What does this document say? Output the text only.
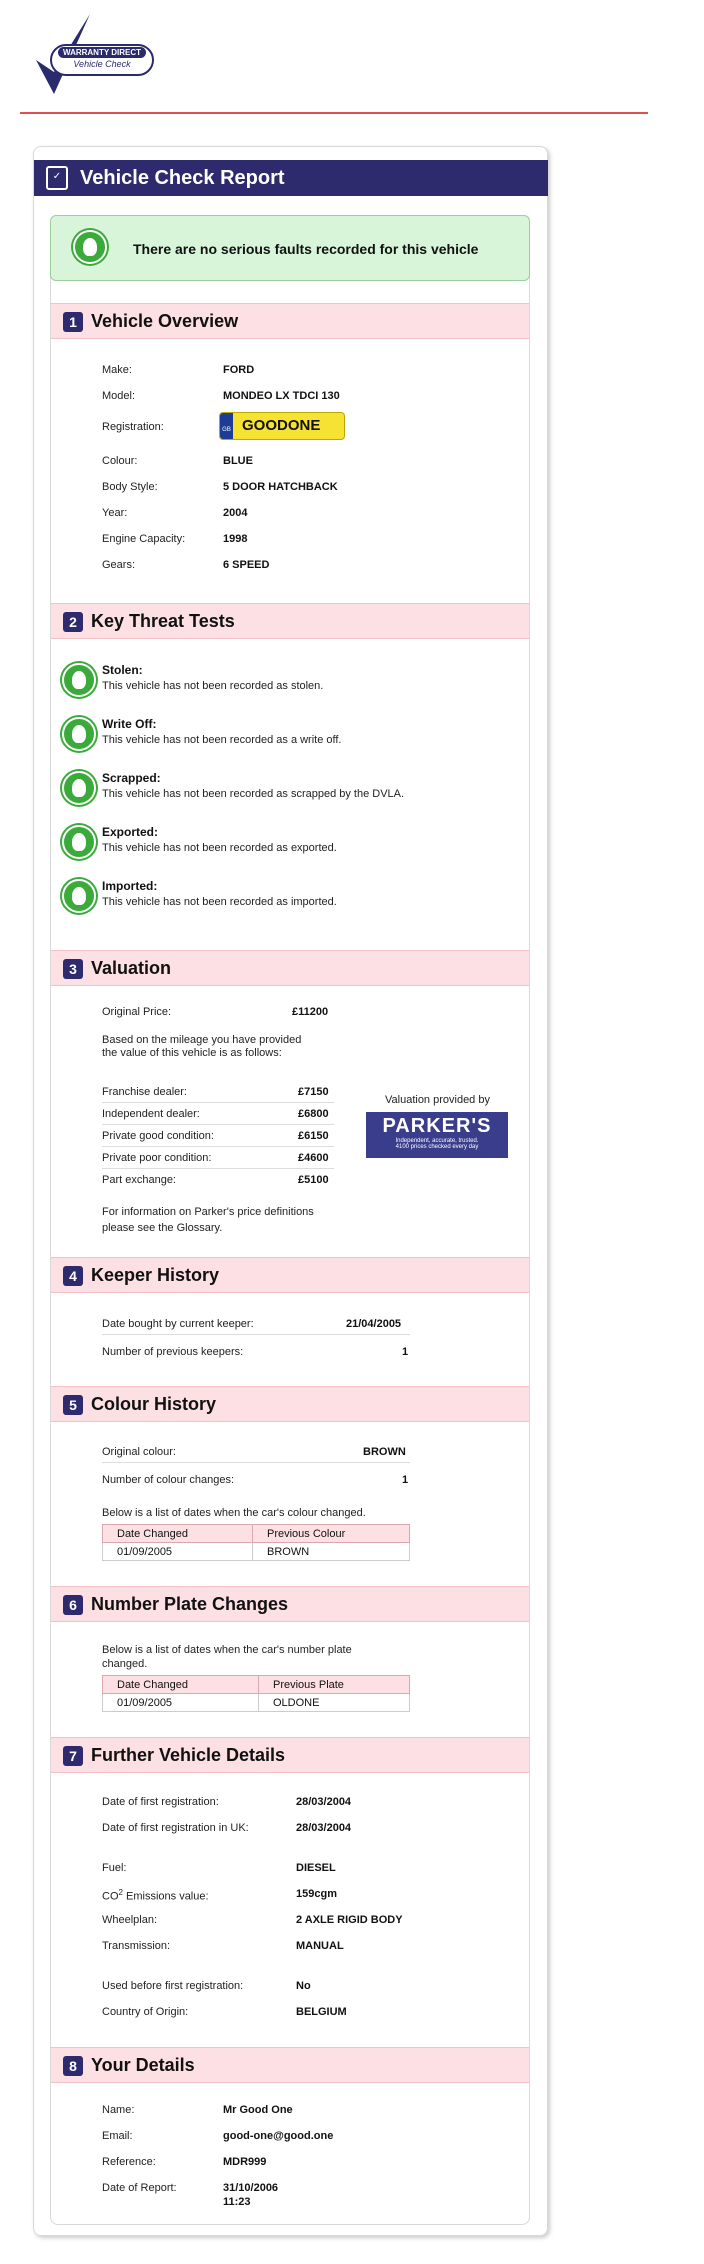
WARRANTY DIRECT
Vehicle Check
✓ Vehicle Check Report
There are no serious faults recorded for this vehicle
1 Vehicle Overview
Make:	FORD
Model:	MONDEO LX TDCI 130
Registration:	GB GOODONE
Colour:	BLUE
Body Style:	5 DOOR HATCHBACK
Year:	2004
Engine Capacity:	1998
Gears:	6 SPEED
2 Key Threat Tests
Stolen:
This vehicle has not been recorded as stolen.
Write Off:
This vehicle has not been recorded as a write off.
Scrapped:
This vehicle has not been recorded as scrapped by the DVLA.
Exported:
This vehicle has not been recorded as exported.
Imported:
This vehicle has not been recorded as imported.
3 Valuation
Original Price:	£11200
Based on the mileage you have provided
the value of this vehicle is as follows:
Franchise dealer:	£7150
Independent dealer:	£6800
Private good condition:	£6150
Private poor condition:	£4600
Part exchange:	£5100
Valuation provided by
PARKER'S
Independent, accurate, trusted.
4100 prices checked every day
For information on Parker's price definitions
please see the Glossary.
4 Keeper History
Date bought by current keeper:	21/04/2005
Number of previous keepers:	1
5 Colour History
Original colour:	BROWN
Number of colour changes:	1
Below is a list of dates when the car's colour changed.
Date Changed	Previous Colour
01/09/2005	BROWN
6 Number Plate Changes
Below is a list of dates when the car's number plate
changed.
Date Changed	Previous Plate
01/09/2005	OLDONE
7 Further Vehicle Details
Date of first registration:	28/03/2004
Date of first registration in UK:	28/03/2004
Fuel:	DIESEL
$CO^2$ Emissions value:	159cgm
Wheelplan:	2 AXLE RIGID BODY
Transmission:	MANUAL
Used before first registration:	No
Country of Origin:	BELGIUM
8 Your Details
Name:	Mr Good One
Email:	good-one@good.one
Reference:	MDR999
Date of Report:	31/10/2006
11:23
